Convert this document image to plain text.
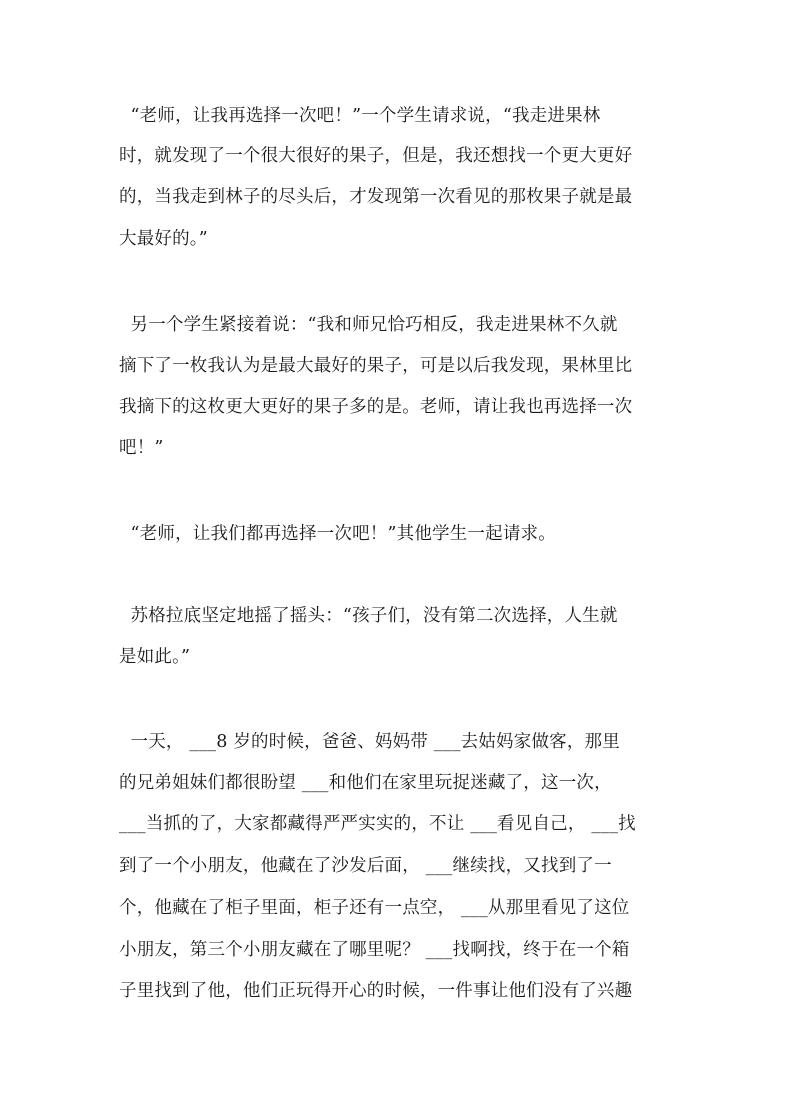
“老师，让我再选择一次吧！”一个学生请求说，“我走进果林
时，就发现了一个很大很好的果子，但是，我还想找一个更大更好
的，当我走到林子的尽头后，才发现第一次看见的那枚果子就是最
大最好的。”
另一个学生紧接着说：“我和师兄恰巧相反，我走进果林不久就
摘下了一枚我认为是最大最好的果子，可是以后我发现，果林里比
我摘下的这枚更大更好的果子多的是。老师，请让我也再选择一次
吧！”
“老师，让我们都再选择一次吧！”其他学生一起请求。
苏格拉底坚定地摇了摇头：“孩子们，没有第二次选择，人生就
是如此。”
一天， ___8 岁的时候，爸爸、妈妈带 ___去姑妈家做客，那里
的兄弟姐妹们都很盼望 ___和他们在家里玩捉迷藏了，这一次，
___当抓的了，大家都藏得严严实实的，不让 ___看见自己， ___找
到了一个小朋友，他藏在了沙发后面， ___继续找，又找到了一
个，他藏在了柜子里面，柜子还有一点空， ___从那里看见了这位
小朋友，第三个小朋友藏在了哪里呢？ ___找啊找，终于在一个箱
子里找到了他，他们正玩得开心的时候，一件事让他们没有了兴趣
